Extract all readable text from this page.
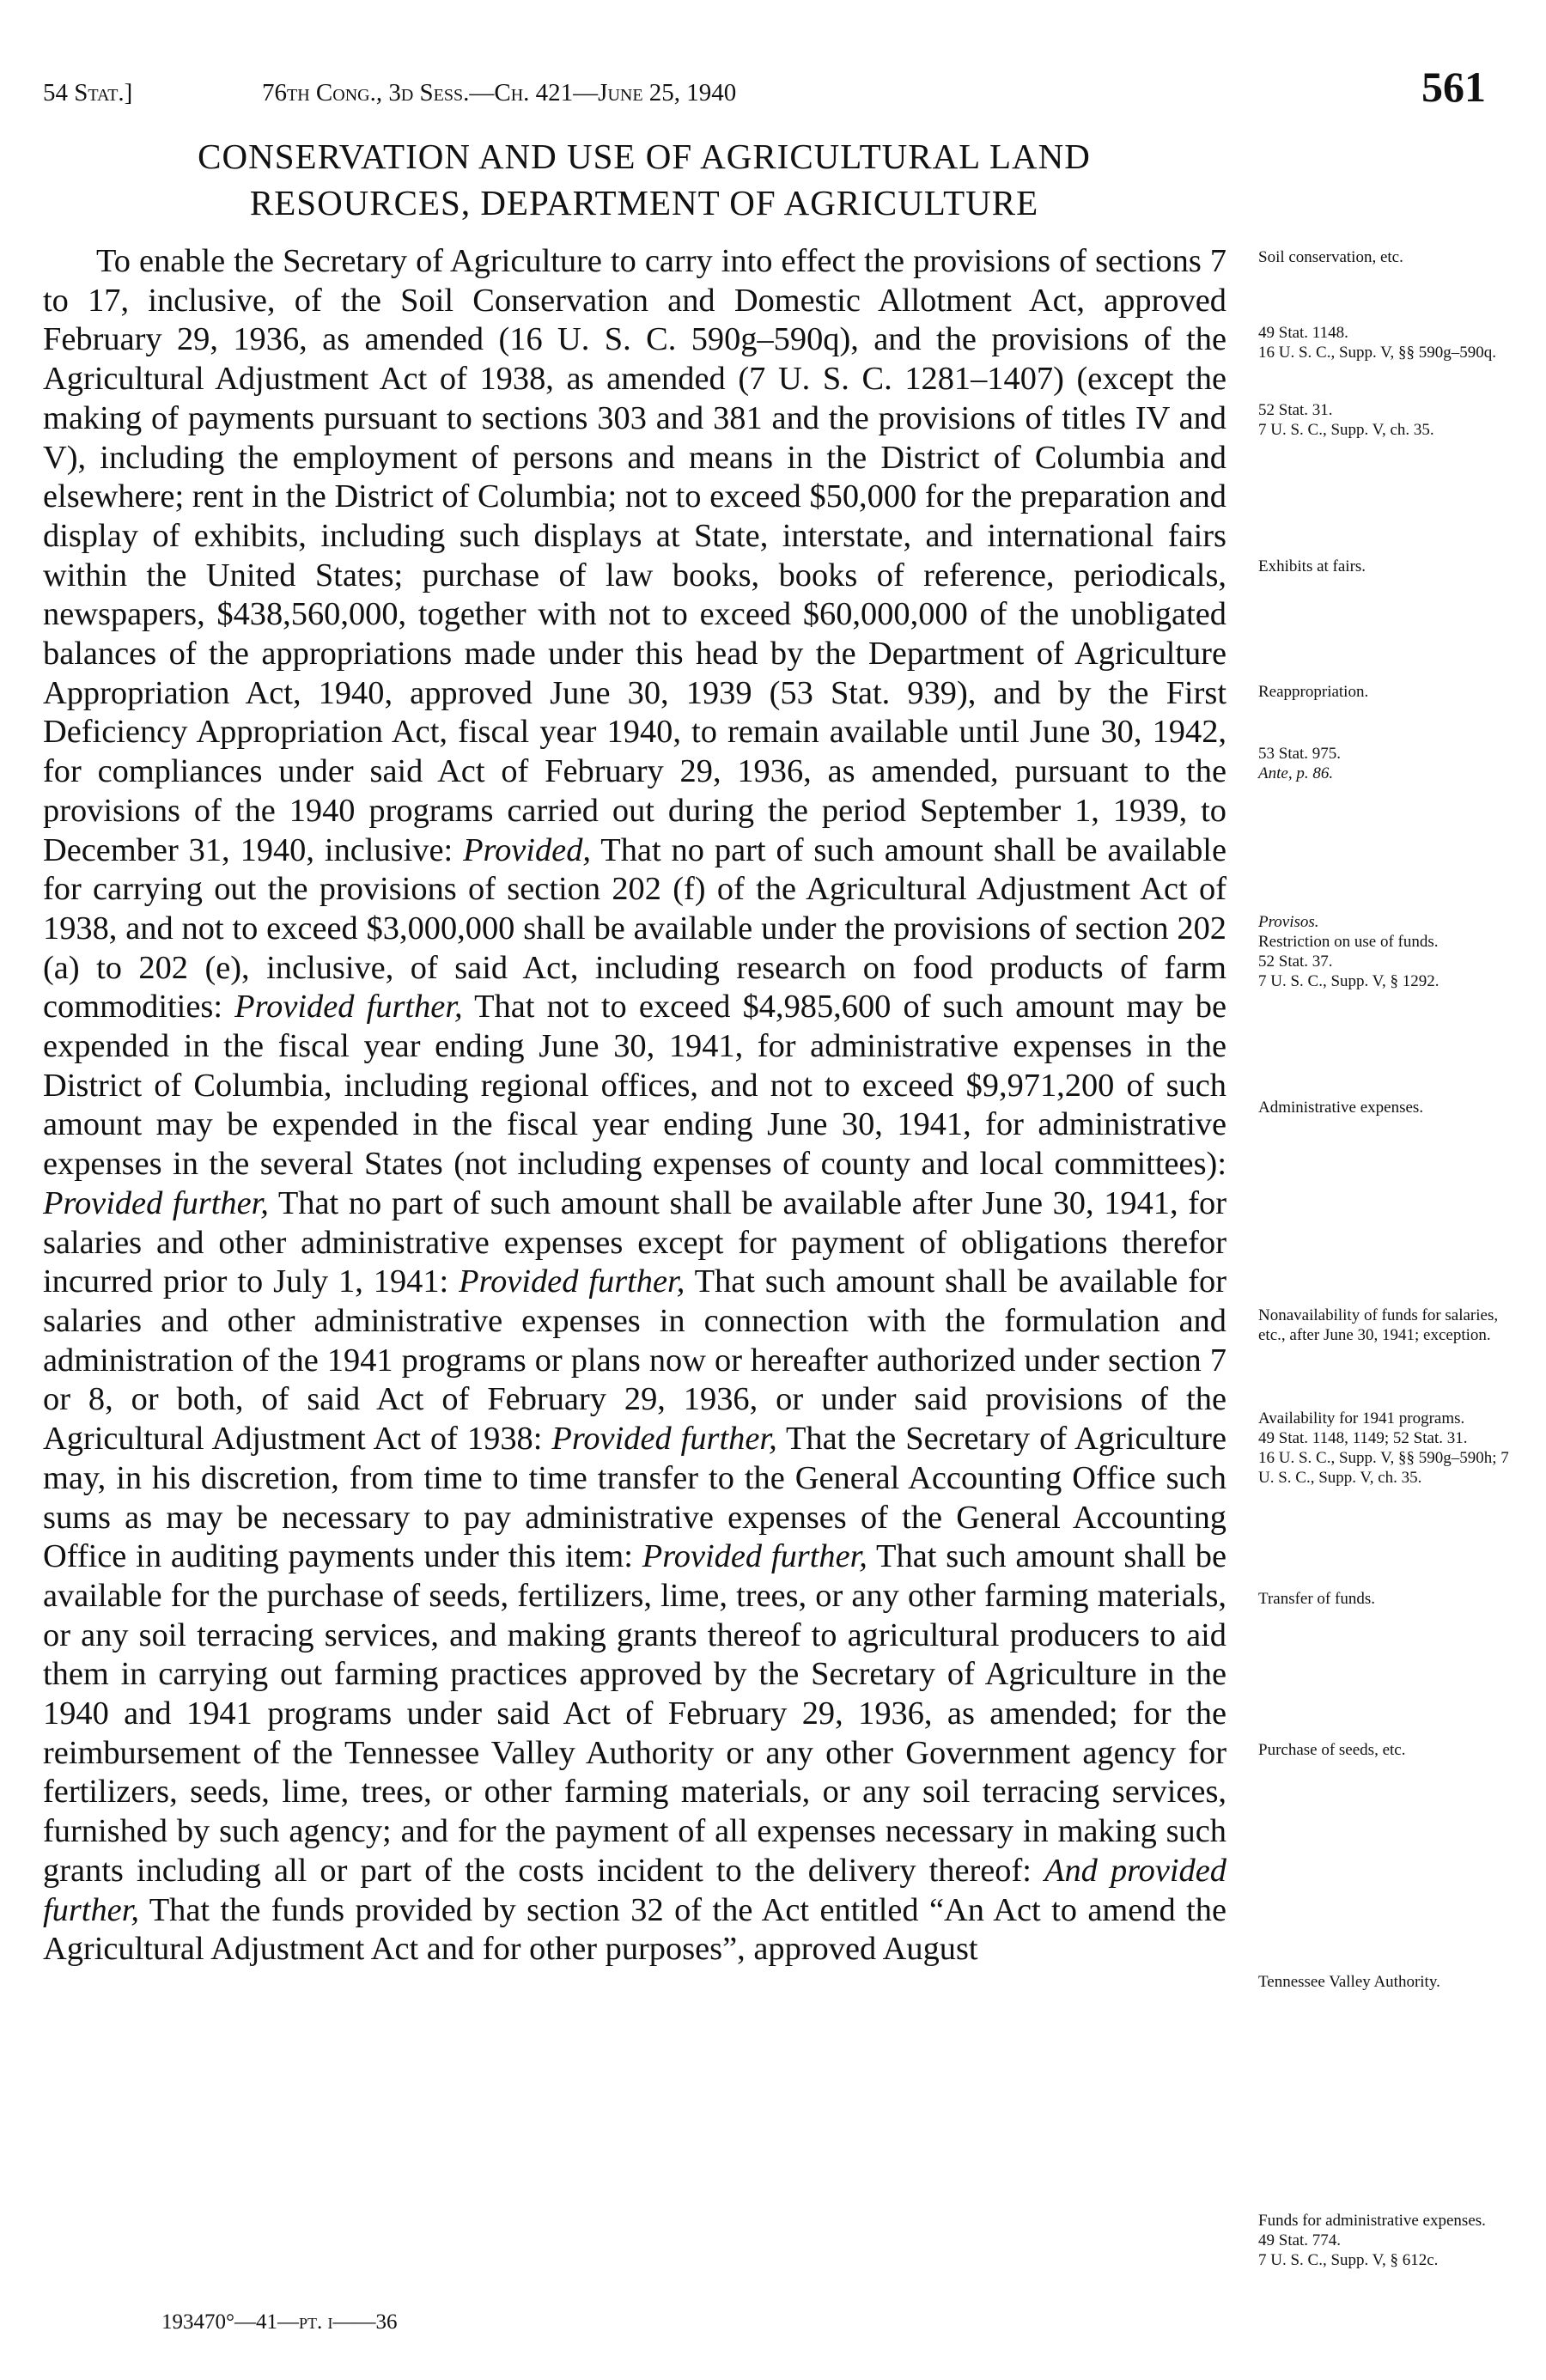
54 Stat.]	76th Cong., 3d Sess.—Ch. 421—June 25, 1940	561
CONSERVATION AND USE OF AGRICULTURAL LAND
RESOURCES, DEPARTMENT OF AGRICULTURE

To enable the Secretary of Agriculture to carry into effect the provisions of sections 7 to 17, inclusive, of the Soil Conservation and Domestic Allotment Act, approved February 29, 1936, as amended (16 U. S. C. 590g–590q), and the provisions of the Agricultural Adjustment Act of 1938, as amended (7 U. S. C. 1281–1407) (except the making of payments pursuant to sections 303 and 381 and the provisions of titles IV and V), including the employment of persons and means in the District of Columbia and elsewhere; rent in the District of Columbia; not to exceed $50,000 for the preparation and display of exhibits, including such displays at State, interstate, and international fairs within the United States; purchase of law books, books of reference, periodicals, newspapers, $438,560,000, together with not to exceed $60,000,000 of the unobligated balances of the appropriations made under this head by the Department of Agriculture Appropriation Act, 1940, approved June 30, 1939 (53 Stat. 939), and by the First Deficiency Appropriation Act, fiscal year 1940, to remain available until June 30, 1942, for compliances under said Act of February 29, 1936, as amended, pursuant to the provisions of the 1940 programs carried out during the period September 1, 1939, to December 31, 1940, inclusive: Provided, That no part of such amount shall be available for carrying out the provisions of section 202 (f) of the Agricultural Adjustment Act of 1938, and not to exceed $3,000,000 shall be available under the provisions of section 202 (a) to 202 (e), inclusive, of said Act, including research on food products of farm commodities: Provided further, That not to exceed $4,985,600 of such amount may be expended in the fiscal year ending June 30, 1941, for administrative expenses in the District of Columbia, including regional offices, and not to exceed $9,971,200 of such amount may be expended in the fiscal year ending June 30, 1941, for administrative expenses in the several States (not including expenses of county and local committees): Provided further, That no part of such amount shall be available after June 30, 1941, for salaries and other administrative expenses except for payment of obligations therefor incurred prior to July 1, 1941: Provided further, That such amount shall be available for salaries and other administrative expenses in connection with the formulation and administration of the 1941 programs or plans now or hereafter authorized under section 7 or 8, or both, of said Act of February 29, 1936, or under said provisions of the Agricultural Adjustment Act of 1938: Provided further, That the Secretary of Agriculture may, in his discretion, from time to time transfer to the General Accounting Office such sums as may be necessary to pay administrative expenses of the General Accounting Office in auditing payments under this item: Provided further, That such amount shall be available for the purchase of seeds, fertilizers, lime, trees, or any other farming materials, or any soil terracing services, and making grants thereof to agricultural producers to aid them in carrying out farming practices approved by the Secretary of Agriculture in the 1940 and 1941 programs under said Act of February 29, 1936, as amended; for the reimbursement of the Tennessee Valley Authority or any other Government agency for fertilizers, seeds, lime, trees, or other farming materials, or any soil terracing services, furnished by such agency; and for the payment of all expenses necessary in making such grants including all or part of the costs incident to the delivery thereof: And provided further, That the funds provided by section 32 of the Act entitled “An Act to amend the Agricultural Adjustment Act and for other purposes”, approved August

Soil conservation, etc.
49 Stat. 1148.
16 U. S. C., Supp. V, §§ 590g–590q.
52 Stat. 31.
7 U. S. C., Supp. V, ch. 35.
Exhibits at fairs.
Reappropriation.
53 Stat. 975.
Ante, p. 86.
Provisos.
Restriction on use of funds.
52 Stat. 37.
7 U. S. C., Supp. V, § 1292.
Administrative expenses.
Nonavailability of funds for salaries, etc., after June 30, 1941; exception.
Availability for 1941 programs.
49 Stat. 1148, 1149; 52 Stat. 31.
16 U. S. C., Supp. V, §§ 590g–590h; 7 U. S. C., Supp. V, ch. 35.
Transfer of funds.
Purchase of seeds, etc.
Tennessee Valley Authority.
Funds for administrative expenses.
49 Stat. 774.
7 U. S. C., Supp. V, § 612c.
193470°—41—pt. i——36
